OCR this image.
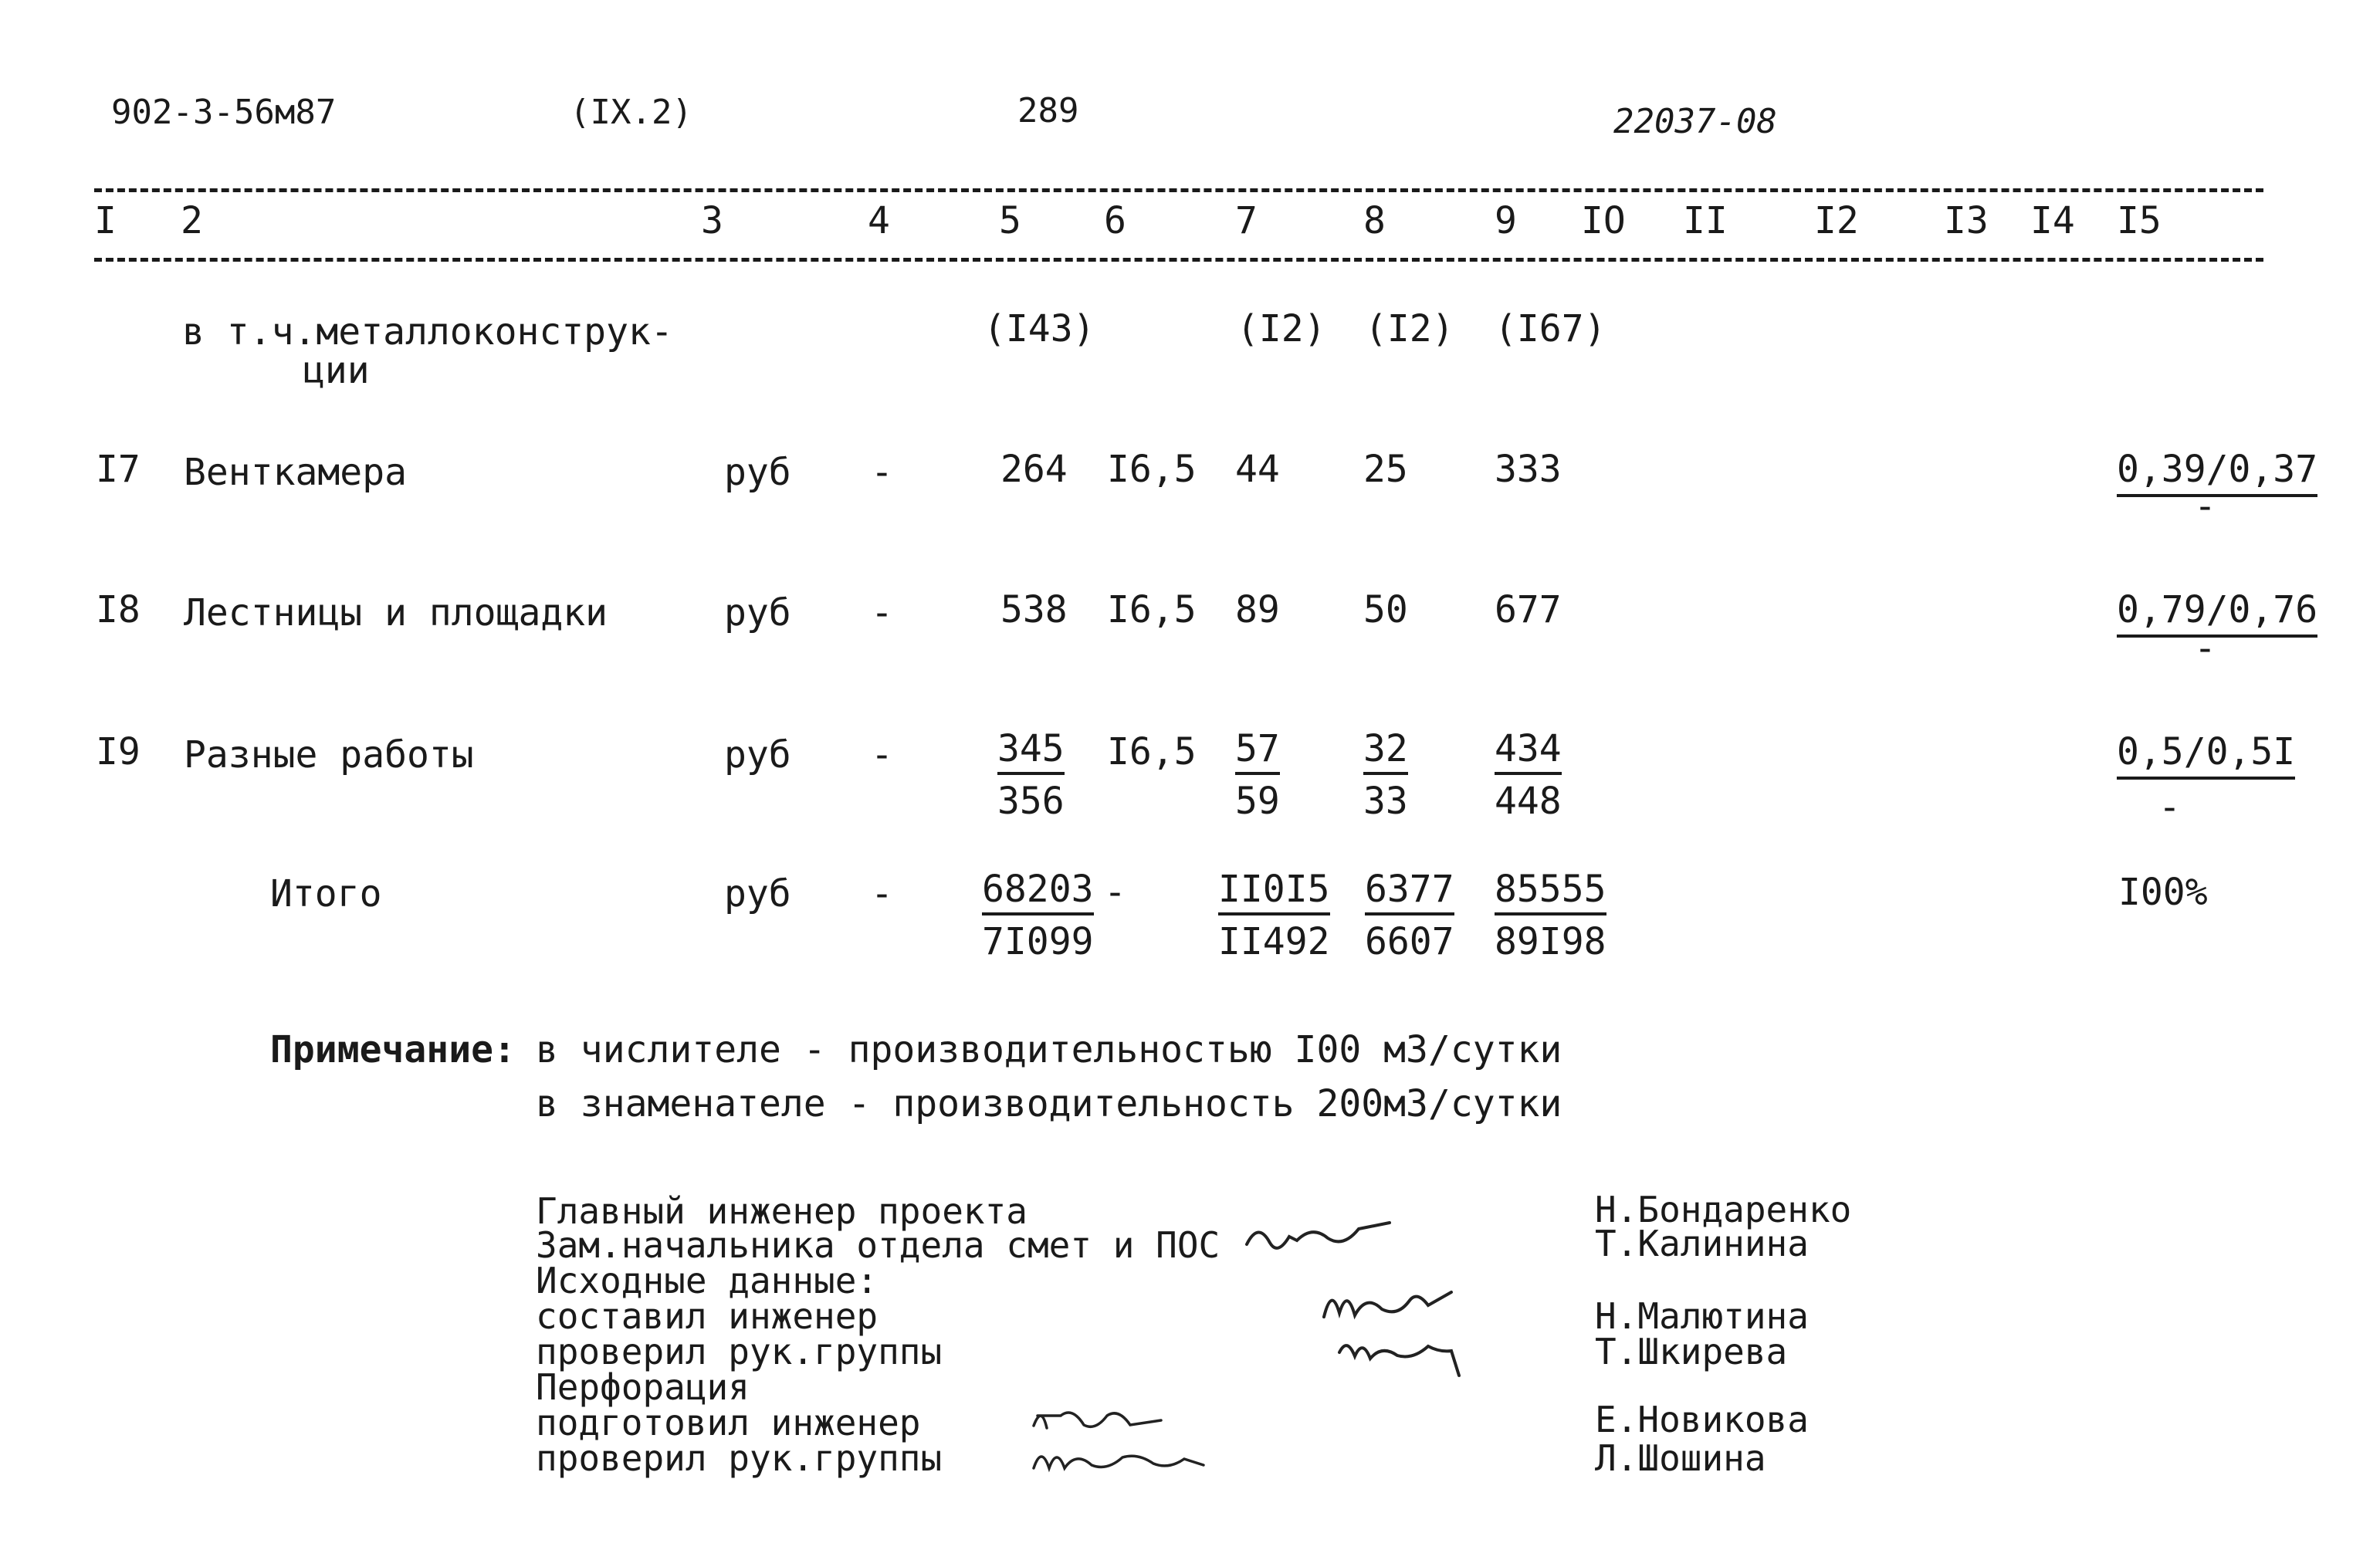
902-3-56м87	(IX.2)	289	22037-08
I 2	3	4	5 6	7	8	9 IO II I2 I3 I4 I5
в т.ч.металлоконструк-
ции
(I43)	(I2) (I2) (I67)
I7 Венткамера	руб -	264 I6,5 44 25 333	0,39/0,37
-
I8 Лестницы и площадки	руб -	538 I6,5 89 50 677	0,79/0,76
-
I9 Разные работы	руб -	$\frac{345}{356} I6,5 \frac{57}{59} \frac{32}{33} \frac{434}{448}$	0,5/0,5I
-
Итого	руб - $\frac{68203}{7I099} - \frac{II0I5}{II492} \frac{6377}{6607} \frac{85555}{89I98}$	I00%
Примечание: в числителе - производительностью I00 м3/сутки
в знаменателе - производительность 200м3/сутки
Главный инженер проекта
Зам.начальника отдела смет и ПОС
Исходные данные:
составил инженер
проверил рук.группы
Перфорация
подготовил инженер
проверил рук.группы
Н.Бондаренко
Т.Калинина
Н.Малютина
Т.Шкирева
Е.Новикова
Л.Шошина
